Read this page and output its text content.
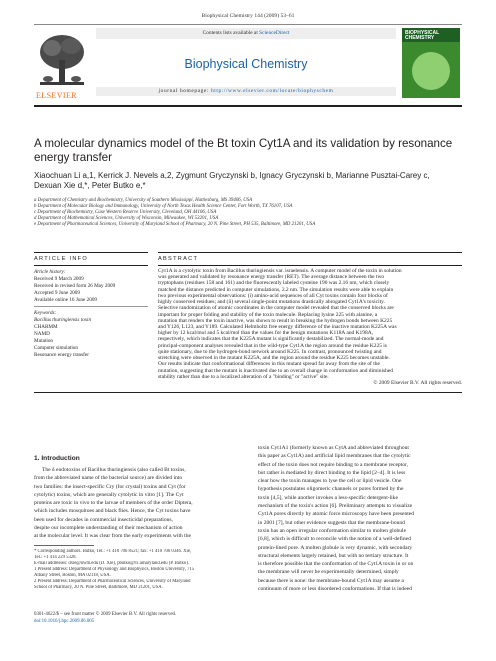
Biophysical Chemistry 144 (2009) 53–61
ELSEVIER
Contents lists available at ScienceDirect
Biophysical Chemistry
journal homepage: http://www.elsevier.com/locate/biophyschem
BIOPHYSICAL CHEMISTRY
A molecular dynamics model of the Bt toxin Cyt1A and its validation by resonance
energy transfer
Xiaochuan Li a,1, Kerrick J. Nevels a,2, Zygmunt Gryczynski b, Ignacy Gryczynski b, Marianne Pusztai-Carey c,
Dexuan Xie d,*, Peter Butko e,*
a Department of Chemistry and Biochemistry, University of Southern Mississippi, Hattiesburg, MS 39406, USA
b Department of Molecular Biology and Immunology, University of North Texas Health Science Center, Fort Worth, TX 76107, USA
c Department of Biochemistry, Case Western Reserve University, Cleveland, OH 44106, USA
d Department of Mathematical Sciences, University of Wisconsin, Milwaukee, WI 53201, USA
e Department of Pharmaceutical Sciences, University of Maryland School of Pharmacy, 20 N. Pine Street, PH 535, Baltimore, MD 21201, USA
ARTICLE INFO	ABSTRACT
Article history:
Received 9 March 2009
Received in revised form 26 May 2009
Accepted 9 June 2009
Available online 16 June 2009
Keywords:
Bacillus thuringiensis toxin
CHARMM
NAMD
Mutation
Computer simulation
Resonance energy transfer
Cyt1A is a cytolytic toxin from Bacillus thuringiensis var. israelensis. A computer model of the toxin in solution
was generated and validated by resonance energy transfer (RET). The average distance between the two
tryptophans (residues 158 and 161) and the fluorescently labeled cysteine 190 was 2.16 nm, which closely
matched the distance predicted in computer simulations, 2.2 nm. The simulation results were able to explain
two previous experimental observations: (i) amino-acid sequences of all Cyt toxins contain four blocks of
highly conserved residues; and (ii) several single-point mutations drastically abrogated Cyt1A's toxicity.
Selective randomization of atomic coordinates in the computer model revealed that the conserved blocks are
important for proper folding and stability of the toxin molecule. Replacing lysine 225 with alanine, a
mutation that renders the toxin inactive, was shown to result in breaking the hydrogen bonds between K225
and Y126, L123, and Y189. Calculated Helmholtz free energy difference of the inactive mutation K225A was
higher by 12 kcal/mol and 5 kcal/mol than the values for the benign mutations K118A and K198A,
respectively, which indicates that the K225A mutant is significantly destabilized. The normal-mode and
principal-component analyses revealed that in the wild-type Cyt1A the region around the residue K225 is
quite stationary, due to the hydrogen-bond network around K225. In contrast, pronounced twisting and
stretching were observed in the mutant K225A, and the region around the residue K225 becomes unstable.
Our results indicate that conformational differences in this mutant spread far away from the site of the
mutation, suggesting that the mutant is inactivated due to an overall change in conformation and diminished
stability rather than due to a localized alteration of a "binding" or "active" site.
© 2009 Elsevier B.V. All rights reserved.
1. Introduction
The δ endotoxins of Bacillus thuringiensis (also called Bt toxins,
from the abbreviated name of the bacterial source) are divided into
two families: the insect-specific Cry (for crystal) toxins and Cyt (for
cytolytic) toxins, which are generally cytolytic in vitro [1]. The Cyt
proteins are toxic in vivo to the larvae of members of the order Diptera,
which includes mosquitoes and black flies. Hence, the Cyt toxins have
been used for decades in commercial insecticidal preparations,
despite our incomplete understanding of their mechanism of action
at the molecular level. It was clear from the early experiments with the
toxin Cyt1A1 (formerly known as CytA and abbreviated throughout
this paper as Cyt1A) and artificial lipid membranes that the cytolytic
effect of the toxin does not require binding to a membrane receptor,
but rather is mediated by direct binding to the lipid [2–4]. It is less
clear how the toxin manages to lyse the cell or lipid vesicle. One
hypothesis postulates oligomeric channels or pores formed by the
toxin [4,5], while another invokes a less-specific detergent-like
mechanism of the toxin's action [6]. Preliminary attempts to visualize
Cyt1A pores directly by atomic force microscopy have been presented
in 2001 [7], but other evidence suggests that the membrane-bound
toxin has an open irregular conformation similar to molten globule
[6,8], which is difficult to reconcile with the notion of a well-defined
protein-lined pore. A molten globule is very dynamic, with secondary
structural elements largely retained, but with no tertiary structure. It
is therefore possible that the conformation of the Cyt1A toxin in or on
the membrane will never be experimentally determined, simply
because there is none: the membrane-bound Cyt1A may assume a
continuum of more or less disordered conformations. If that is indeed
* Corresponding authors. Butko, Tel.: +1 410 706 8521; fax: +1 410 706 0346. Xie,
Tel.: +1 414 229 5328.
E-mail addresses: dxie@uwm.edu (D. Xie), pbutko@rx.umaryland.edu (P. Butko).
1 Present address: Department of Physiology and Biophysics, Boston University, 715
Albany Street, Boston, MA 02118, USA.
2 Present address: Department of Pharmaceutical Sciences, University of Maryland
School of Pharmacy, 20 N. Pine Street, Baltimore, MD 21201, USA.
0301-4622/$ – see front matter © 2009 Elsevier B.V. All rights reserved.
doi:10.1016/j.bpc.2009.06.005
